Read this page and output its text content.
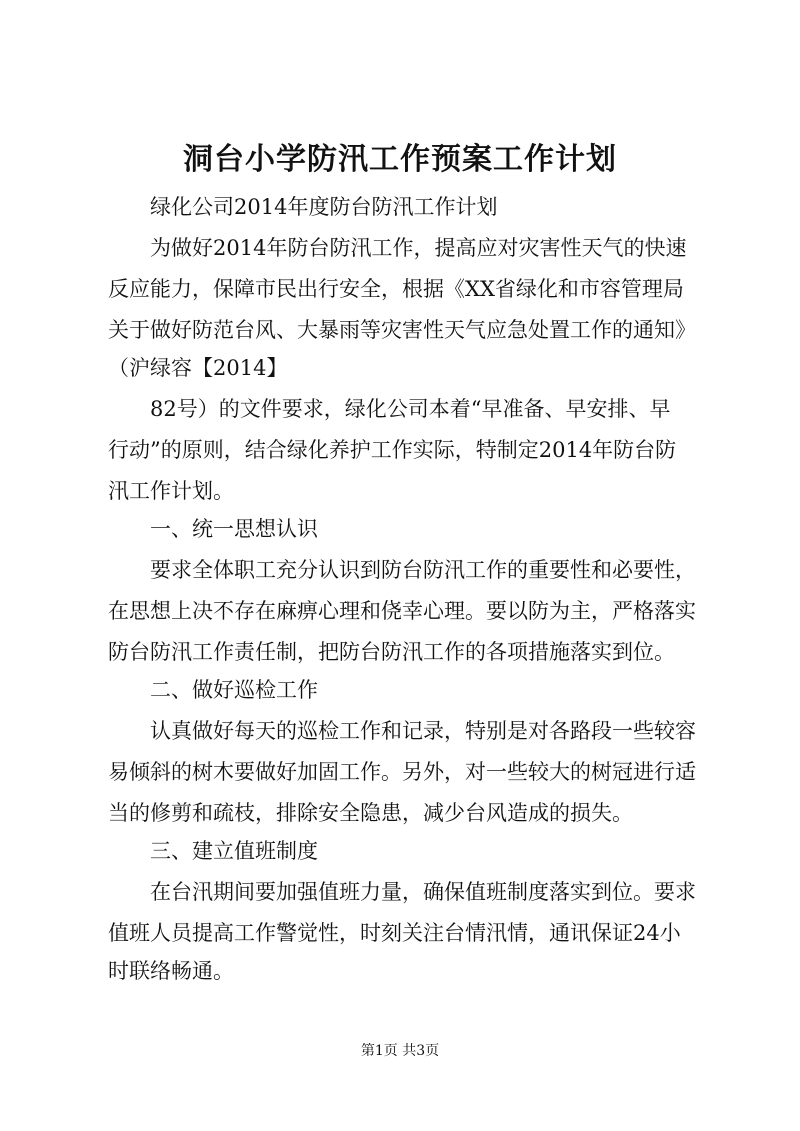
洞台小学防汛工作预案工作计划
　　绿化公司2014年度防台防汛工作计划
　　为做好2014年防台防汛工作，提高应对灾害性天气的快速
反应能力，保障市民出行安全，根据《XX省绿化和市容管理局
关于做好防范台风、大暴雨等灾害性天气应急处置工作的通知》
（沪绿容【2014】
　　82号）的文件要求，绿化公司本着“早准备、早安排、早
行动”的原则，结合绿化养护工作实际，特制定2014年防台防
汛工作计划。
　　一、统一思想认识
　　要求全体职工充分认识到防台防汛工作的重要性和必要性，
在思想上决不存在麻痹心理和侥幸心理。要以防为主，严格落实
防台防汛工作责任制，把防台防汛工作的各项措施落实到位。
　　二、做好巡检工作
　　认真做好每天的巡检工作和记录，特别是对各路段一些较容
易倾斜的树木要做好加固工作。另外，对一些较大的树冠进行适
当的修剪和疏枝，排除安全隐患，减少台风造成的损失。
　　三、建立值班制度
　　在台汛期间要加强值班力量，确保值班制度落实到位。要求
值班人员提高工作警觉性，时刻关注台情汛情，通讯保证24小
时联络畅通。
第1页 共3页
